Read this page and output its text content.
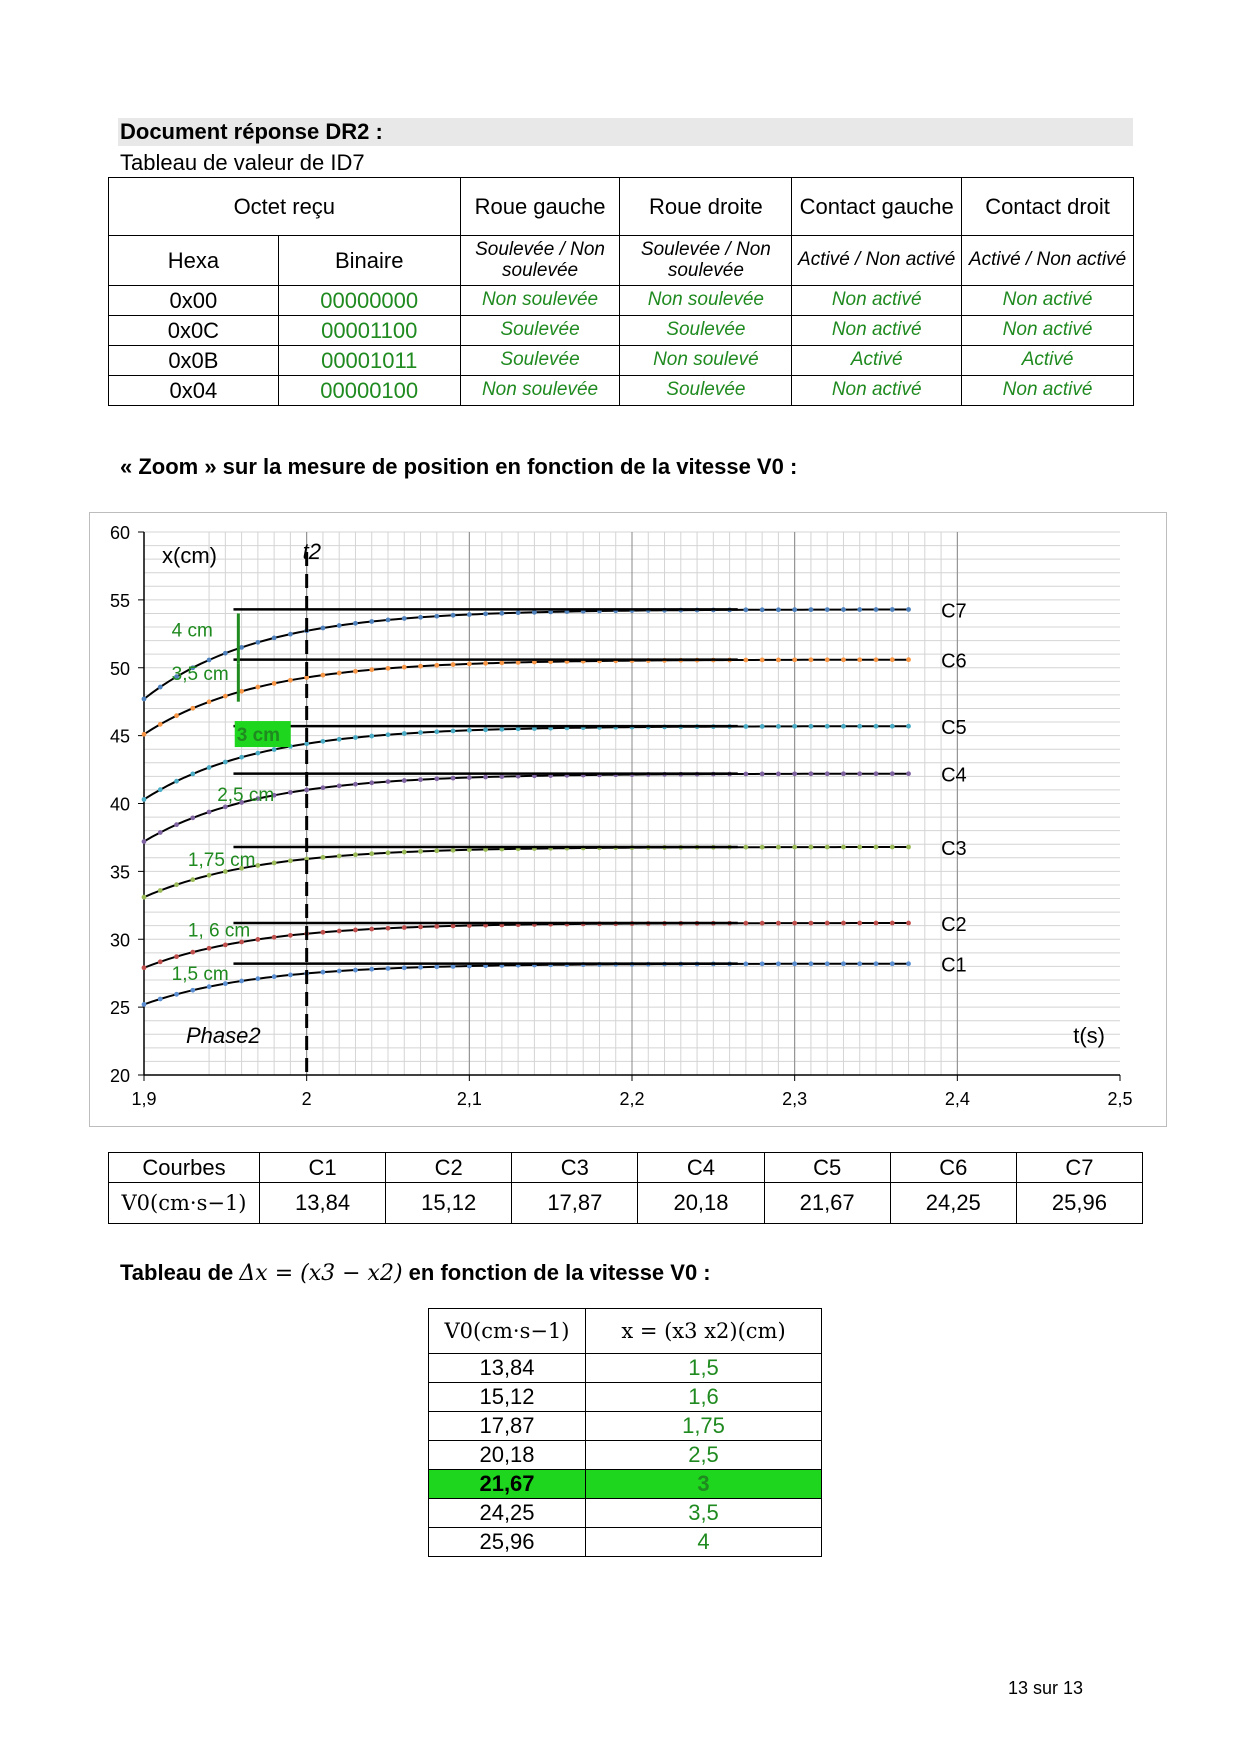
Document réponse DR2 :
Tableau de valeur de ID7
Octet reçu		Roue gauche	Roue droite	Contact gauche	Contact droit
Hexa	Binaire	Soulevée / Non soulevée	Soulevée / Non soulevée	Activé / Non activé	Activé / Non activé
0x00	00000000	Non soulevée	Non soulevée	Non activé	Non activé
0x0C	00001100	Soulevée	Soulevée	Non activé	Non activé
0x0B	00001011	Soulevée	Non soulevé	Activé	Activé
0x04	00000100	Non soulevée	Soulevée	Non activé	Non activé
« Zoom » sur la mesure de position en fonction de la vitesse V0 :
20
25
30
35
40
45
50
55
60
1,9	2	2,1	2,2	2,3	2,4	2,5
x(cm)
t(s)
Phase2
C1
C2
C3
C4
C5
C6
C7
t2
4 cm
3,5 cm
3 cm
2,5 cm
1,75 cm
1, 6 cm
1,5 cm
Courbes	C1	C2	C3	C4	C5	C6	C7
V0(cm·s−1)	13,84	15,12	17,87	20,18	21,67	24,25	25,96
Tableau de Δx = (x3 − x2) en fonction de la vitesse V0 :
V0(cm·s−1)	x = (x3 x2)(cm)
13,84	1,5
15,12	1,6
17,87	1,75
20,18	2,5
21,67	3
24,25	3,5
25,96	4
13 sur 13
